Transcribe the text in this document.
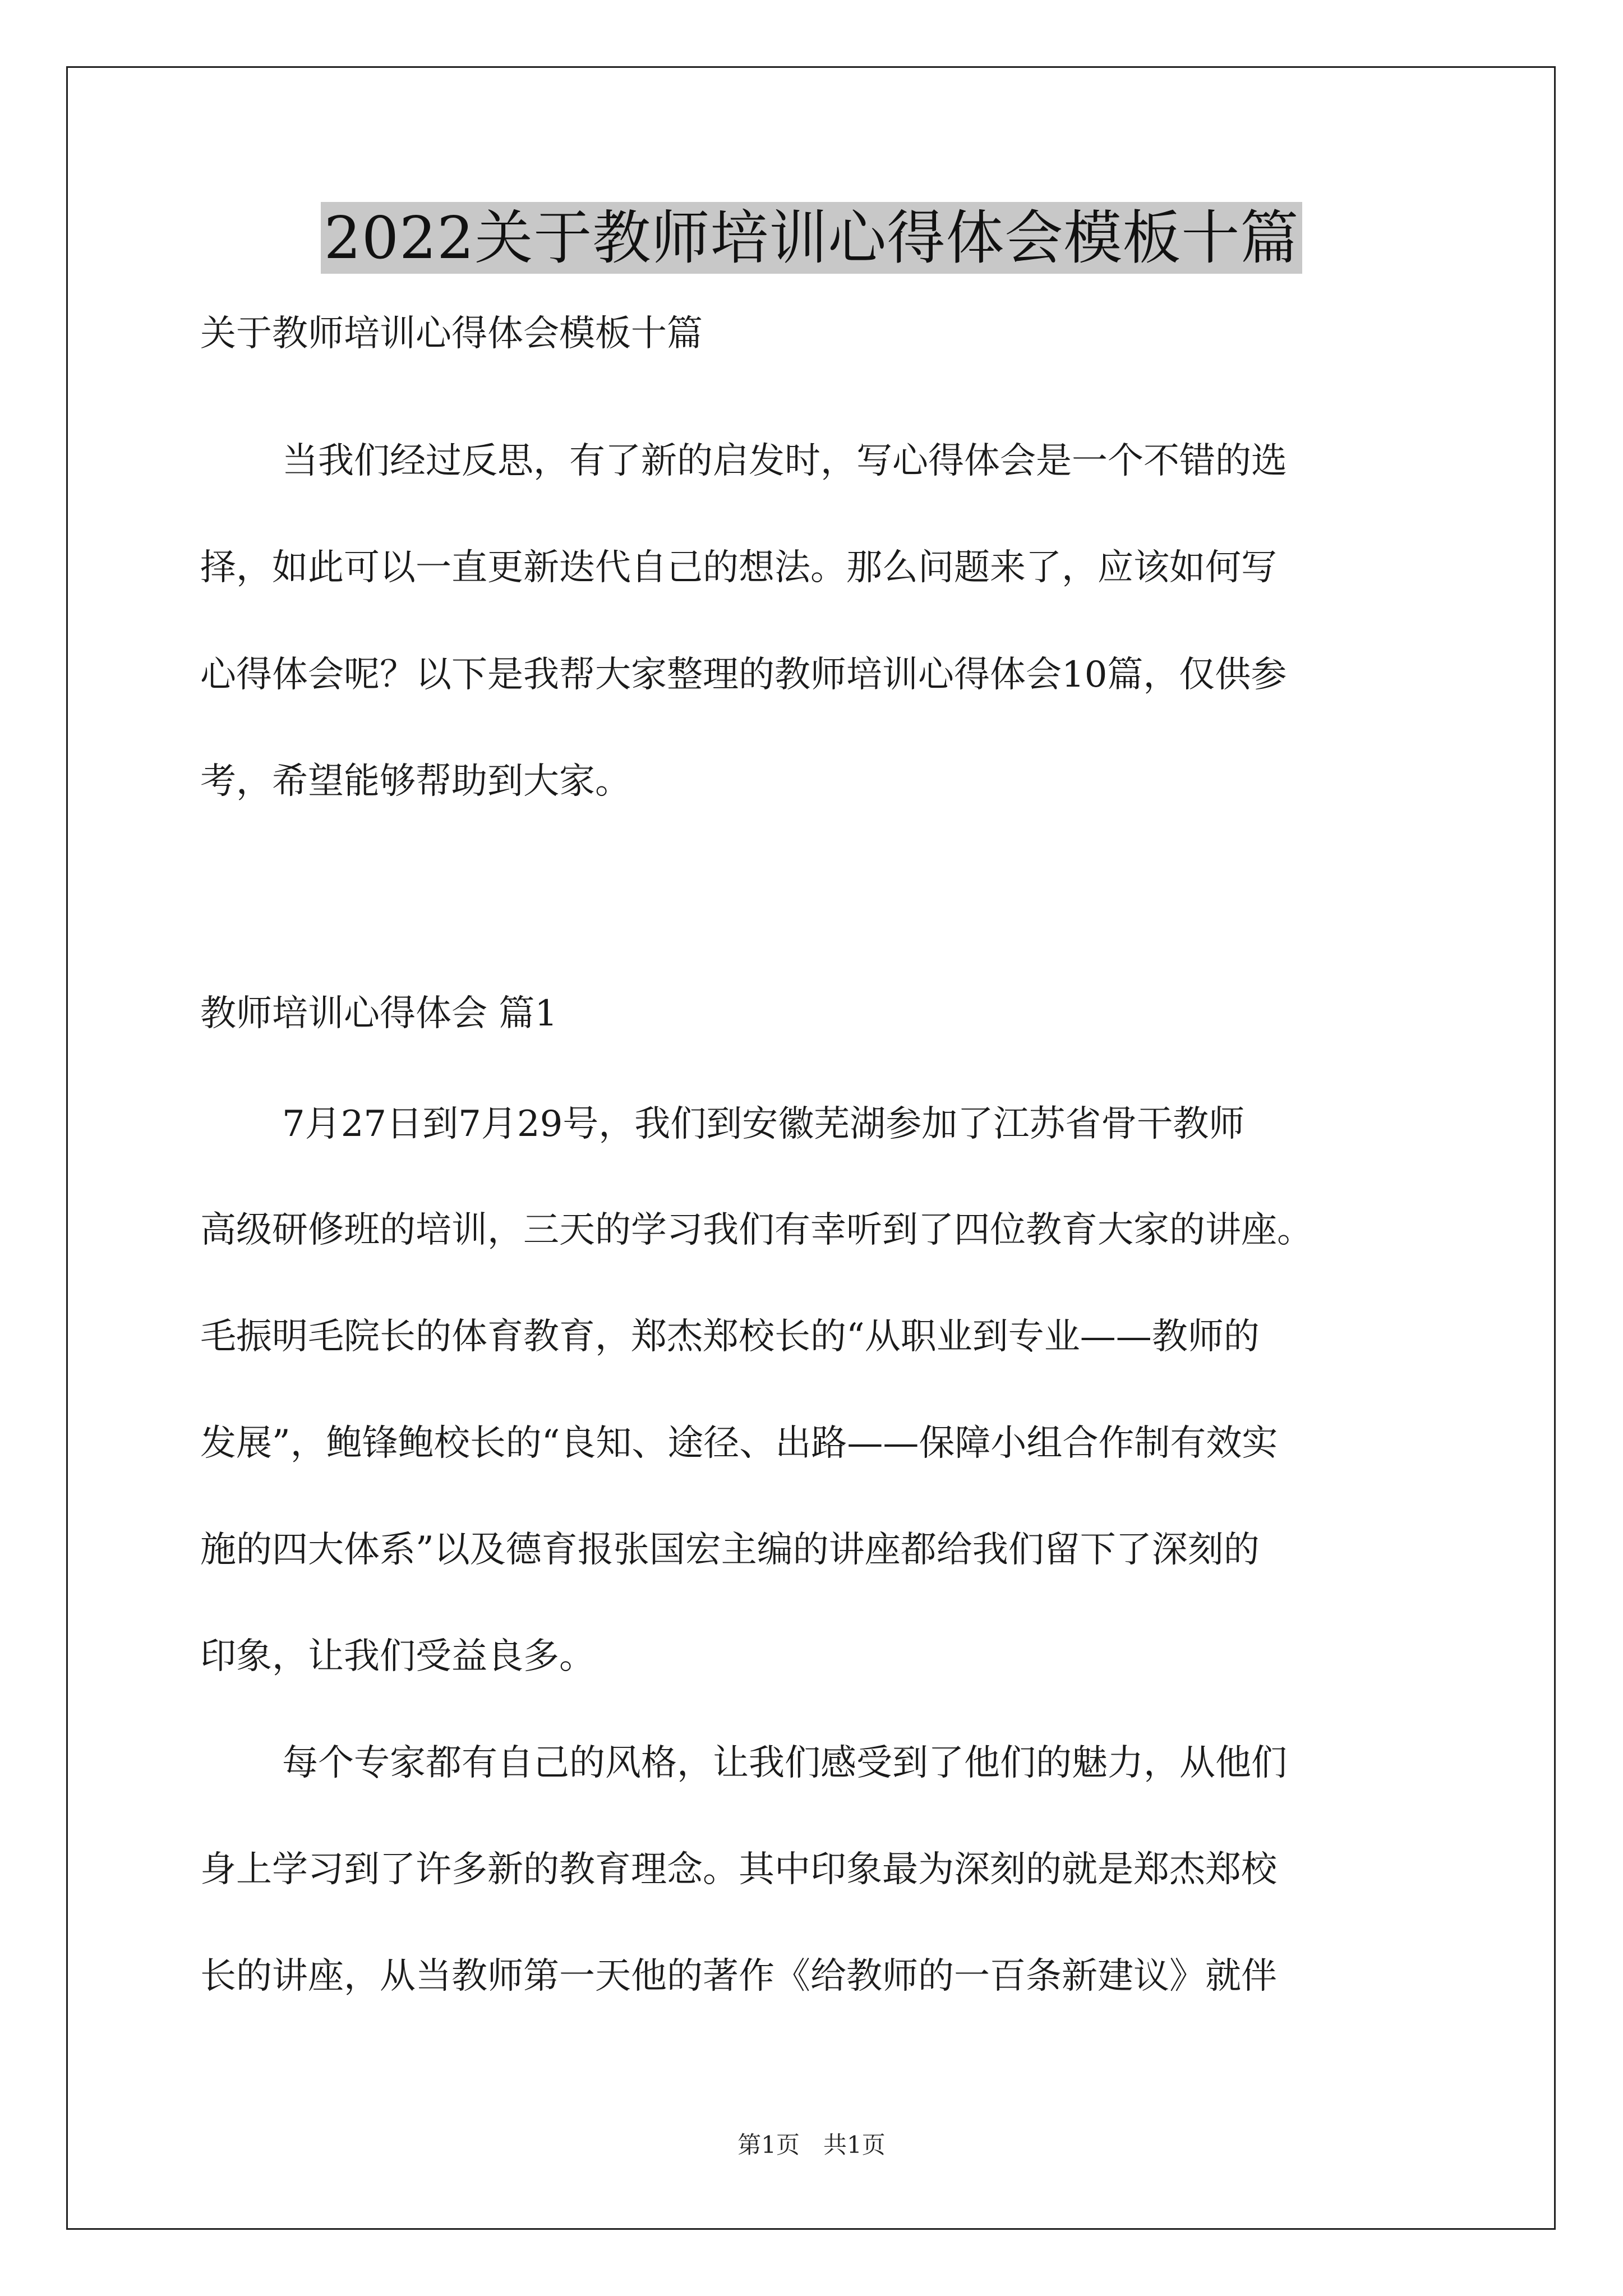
2022关于教师培训心得体会模板十篇
关于教师培训心得体会模板十篇
当我们经过反思，有了新的启发时，写心得体会是一个不错的选
择，如此可以一直更新迭代自己的想法。那么问题来了，应该如何写
心得体会呢？以下是我帮大家整理的教师培训心得体会10篇，仅供参
考，希望能够帮助到大家。
教师培训心得体会 篇1
7月27日到7月29号，我们到安徽芜湖参加了江苏省骨干教师
高级研修班的培训，三天的学习我们有幸听到了四位教育大家的讲座。
毛振明毛院长的体育教育，郑杰郑校长的“从职业到专业——教师的
发展”，鲍锋鲍校长的“良知、途径、出路——保障小组合作制有效实
施的四大体系”以及德育报张国宏主编的讲座都给我们留下了深刻的
印象，让我们受益良多。
每个专家都有自己的风格，让我们感受到了他们的魅力，从他们
身上学习到了许多新的教育理念。其中印象最为深刻的就是郑杰郑校
长的讲座，从当教师第一天他的著作《给教师的一百条新建议》就伴
第1页　共1页
